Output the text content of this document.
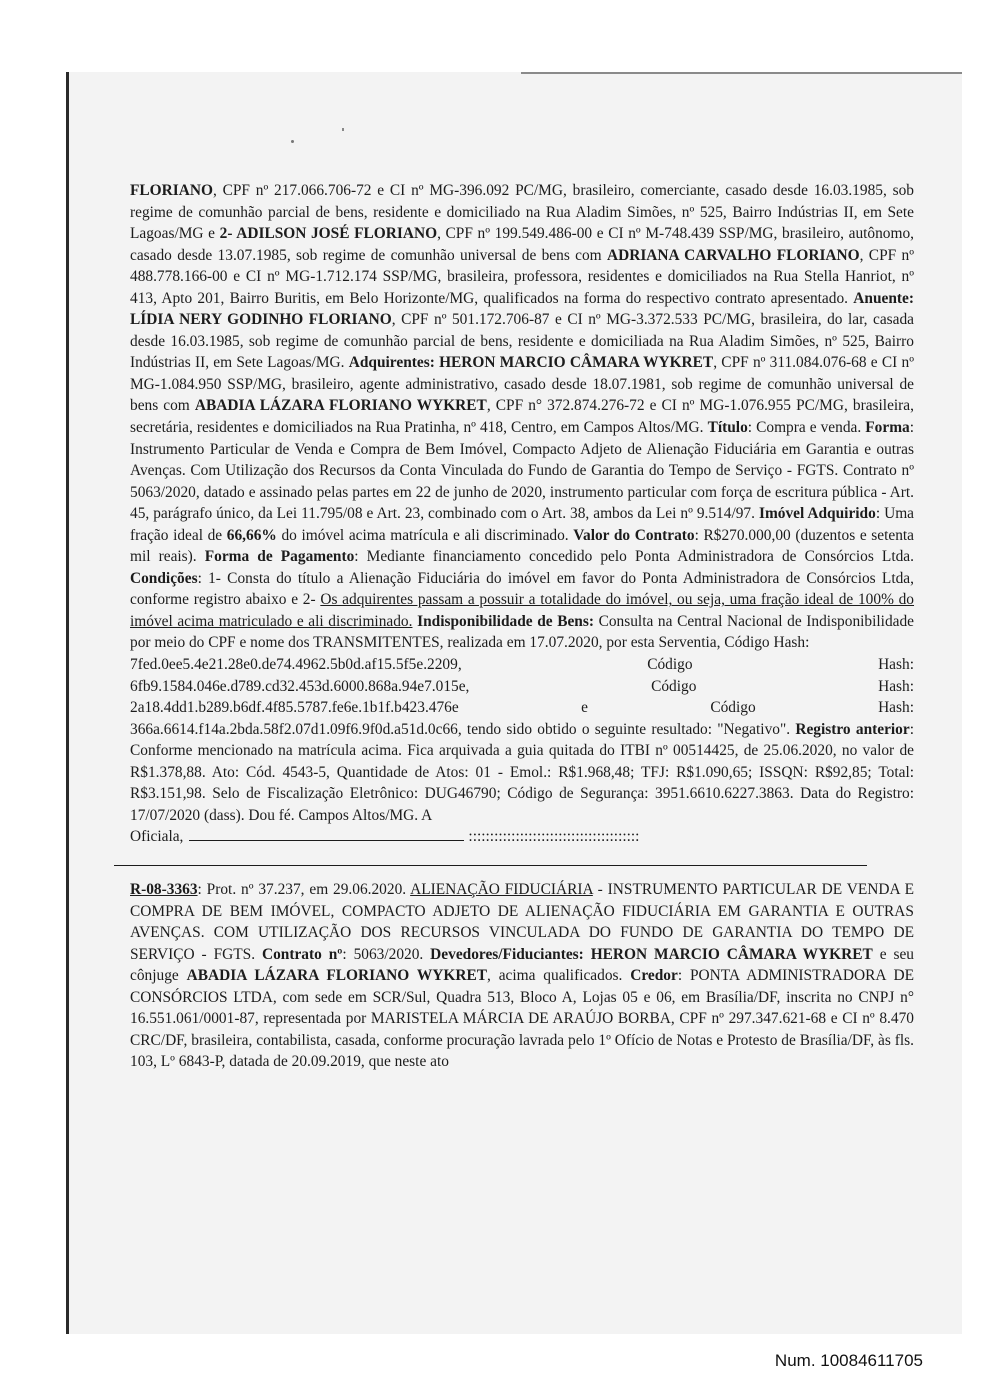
FLORIANO, CPF nº 217.066.706-72 e CI nº MG-396.092 PC/MG, brasileiro, comerciante, casado desde 16.03.1985, sob regime de comunhão parcial de bens, residente e domiciliado na Rua Aladim Simões, nº 525, Bairro Indústrias II, em Sete Lagoas/MG e 2- ADILSON JOSÉ FLORIANO, CPF nº 199.549.486-00 e CI nº M-748.439 SSP/MG, brasileiro, autônomo, casado desde 13.07.1985, sob regime de comunhão universal de bens com ADRIANA CARVALHO FLORIANO, CPF nº 488.778.166-00 e CI nº MG-1.712.174 SSP/MG, brasileira, professora, residentes e domiciliados na Rua Stella Hanriot, nº 413, Apto 201, Bairro Buritis, em Belo Horizonte/MG, qualificados na forma do respectivo contrato apresentado. Anuente: LÍDIA NERY GODINHO FLORIANO, CPF nº 501.172.706-87 e CI nº MG-3.372.533 PC/MG, brasileira, do lar, casada desde 16.03.1985, sob regime de comunhão parcial de bens, residente e domiciliada na Rua Aladim Simões, nº 525, Bairro Indústrias II, em Sete Lagoas/MG. Adquirentes: HERON MARCIO CÂMARA WYKRET, CPF nº 311.084.076-68 e CI nº MG-1.084.950 SSP/MG, brasileiro, agente administrativo, casado desde 18.07.1981, sob regime de comunhão universal de bens com ABADIA LÁZARA FLORIANO WYKRET, CPF n° 372.874.276-72 e CI nº MG-1.076.955 PC/MG, brasileira, secretária, residentes e domiciliados na Rua Pratinha, nº 418, Centro, em Campos Altos/MG. Título: Compra e venda. Forma: Instrumento Particular de Venda e Compra de Bem Imóvel, Compacto Adjeto de Alienação Fiduciária em Garantia e outras Avenças. Com Utilização dos Recursos da Conta Vinculada do Fundo de Garantia do Tempo de Serviço - FGTS. Contrato nº 5063/2020, datado e assinado pelas partes em 22 de junho de 2020, instrumento particular com força de escritura pública - Art. 45, parágrafo único, da Lei 11.795/08 e Art. 23, combinado com o Art. 38, ambos da Lei nº 9.514/97. Imóvel Adquirido: Uma fração ideal de 66,66% do imóvel acima matrícula e ali discriminado. Valor do Contrato: R$270.000,00 (duzentos e setenta mil reais). Forma de Pagamento: Mediante financiamento concedido pelo Ponta Administradora de Consórcios Ltda. Condições: 1- Consta do título a Alienação Fiduciária do imóvel em favor do Ponta Administradora de Consórcios Ltda, conforme registro abaixo e 2- Os adquirentes passam a possuir a totalidade do imóvel, ou seja, uma fração ideal de 100% do imóvel acima matriculado e ali discriminado. Indisponibilidade de Bens: Consulta na Central Nacional de Indisponibilidade por meio do CPF e nome dos TRANSMITENTES, realizada em 17.07.2020, por esta Serventia, Código Hash:

7fed.0ee5.4e21.28e0.de74.4962.5b0d.af15.5f5e.2209,	Código	Hash:
6fb9.1584.046e.d789.cd32.453d.6000.868a.94e7.015e,	Código	Hash:
2a18.4dd1.b289.b6df.4f85.5787.fe6e.1b1f.b423.476e	e	Código	Hash:

366a.6614.f14a.2bda.58f2.07d1.09f6.9f0d.a51d.0c66, tendo sido obtido o seguinte resultado: "Negativo". Registro anterior: Conforme mencionado na matrícula acima. Fica arquivada a guia quitada do ITBI nº 00514425, de 25.06.2020, no valor de R$1.378,88. Ato: Cód. 4543-5, Quantidade de Atos: 01 - Emol.: R$1.968,48; TFJ: R$1.090,65; ISSQN: R$92,85; Total: R$3.151,98. Selo de Fiscalização Eletrônico: DUG46790; Código de Segurança: 3951.6610.6227.3863. Data do Registro: 17/07/2020 (dass). Dou fé. Campos Altos/MG. A

Oficiala,	::::::::::::::::::::::::::::::::::::::::

R-08-3363: Prot. nº 37.237, em 29.06.2020. ALIENAÇÃO FIDUCIÁRIA - INSTRUMENTO PARTICULAR DE VENDA E COMPRA DE BEM IMÓVEL, COMPACTO ADJETO DE ALIENAÇÃO FIDUCIÁRIA EM GARANTIA E OUTRAS AVENÇAS. COM UTILIZAÇÃO DOS RECURSOS VINCULADA DO FUNDO DE GARANTIA DO TEMPO DE SERVIÇO - FGTS. Contrato nº: 5063/2020. Devedores/Fiduciantes: HERON MARCIO CÂMARA WYKRET e seu cônjuge ABADIA LÁZARA FLORIANO WYKRET, acima qualificados. Credor: PONTA ADMINISTRADORA DE CONSÓRCIOS LTDA, com sede em SCR/Sul, Quadra 513, Bloco A, Lojas 05 e 06, em Brasília/DF, inscrita no CNPJ n° 16.551.061/0001-87, representada por MARISTELA MÁRCIA DE ARAÚJO BORBA, CPF nº 297.347.621-68 e CI nº 8.470 CRC/DF, brasileira, contabilista, casada, conforme procuração lavrada pelo 1º Ofício de Notas e Protesto de Brasília/DF, às fls. 103, Lº 6843-P, datada de 20.09.2019, que neste ato

Num. 10084611705
